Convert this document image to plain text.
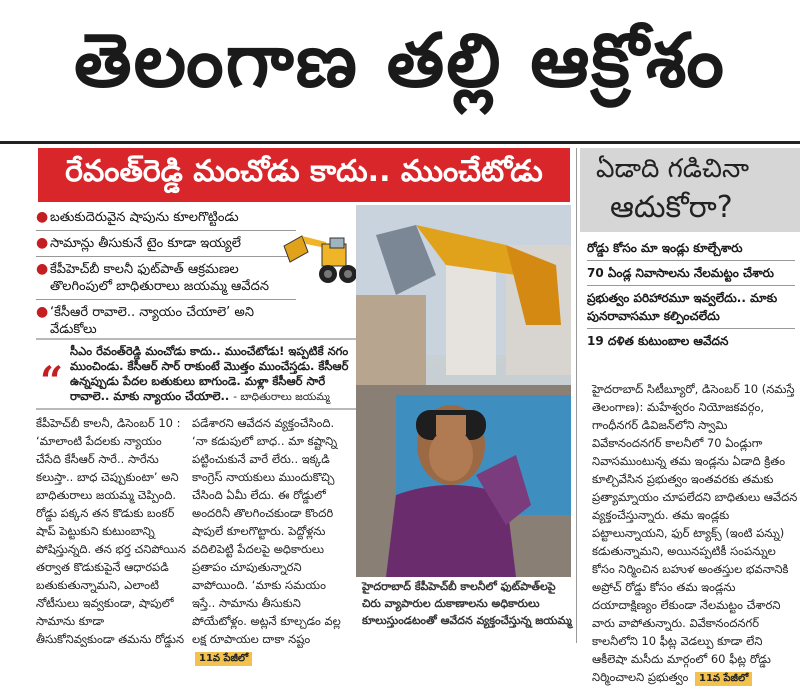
తెలంగాణ తల్లి ఆక్రోశం
రేవంత్‌రెడ్డి మంచోడు కాదు.. ముంచేటోడు
● బతుకుదెరువైన షాపును కూలగొట్టిండు
● సామాన్లు తీసుకునే టైం కూడా ఇయ్యలే
● కేపీహెచ్‌బీ కాలనీ ఫుట్‌పాత్ ఆక్రమణల తొలగింపులో బాధితురాలు జయమ్మ ఆవేదన
● ‘కేసీఆరే రావాలె.. న్యాయం చేయాలె’ అని వేడుకోలు
“
సీఎం రేవంత్‌రెడ్డి మంచోడు కాదు.. ముంచేటోడు! ఇప్పటికే నగం ముంచిండు. కేసీఆర్ సార్ రాకుంటే మొత్తం ముంచేస్తడు. కేసీఆర్ ఉన్నప్పుడు పేదల బతుకులు బాగుండె. మళ్లా కేసీఆర్ సారే రావాలె.. మాకు న్యాయం చేయాలె.. - బాధితురాలు జయమ్మ
కేపీహెచ్‌బీ కాలనీ, డిసెంబర్ 10 : ‘మాలాంటి పేదలకు న్యాయం చేసేది కేసీఆర్ సారే.. సారేను కలుస్తా.. బాధ చెప్పుకుంటా’ అని బాధితురాలు జయమ్మ చెప్పింది. రోడ్డు పక్కన తన కొడుకు బంకర్ షాప్ పెట్టుకుని కుటుంబాన్ని పోషిస్తున్నది. తన భర్త చనిపోయిన తర్వాత కొడుకుపైనే ఆధారపడి బతుకుతున్నామని, ఎలాంటి నోటీసులు ఇవ్వకుండా, షాపులో సామాను కూడా తీసుకోనివ్వకుండా తమను రోడ్డున
పడేశారని ఆవేదన వ్యక్తంచేసింది. ‘నా కడుపులో బాధ.. మా కష్టాన్ని పట్టించుకునే వారే లేరు.. ఇక్కడి కాంగ్రెస్ నాయకులు ముందుకొచ్చి చేసింది ఏమీ లేదు. ఈ రోడ్డులో అందరినీ తొలగించకుండా కొందరి షాపులే కూలగొట్టారు. పెద్దోళ్లను వదిలిపెట్టి పేదలపై అధికారులు ప్రతాపం చూపుతున్నారని వాపోయింది. ‘మాకు సమయం ఇస్తే.. సామాను తీసుకుని పోయేటోళ్లం. అట్లనే కూల్చడం వల్ల లక్ష రూపాయల దాకా నష్టం 11వ పేజీలో
హైదరాబాద్ కేపీహెచ్‌బీ కాలనీలో ఫుట్‌పాత్‌లపై చిరు వ్యాపారుల దుకాణాలను అధికారులు కూలుస్తుండటంతో ఆవేదన వ్యక్తంచేస్తున్న జయమ్మ
ఏడాది గడిచినా
ఆదుకోరా?
రోడ్డు కోసం మా ఇండ్లు కూల్చేశారు
70 ఏండ్ల నివాసాలను నేలమట్టం చేశారు
ప్రభుత్వం పరిహారమూ ఇవ్వలేదు.. మాకు పునరావాసమూ కల్పించలేదు
19 దళిత కుటుంబాల ఆవేదన
హైదరాబాద్ సిటీబ్యూరో, డిసెంబర్ 10 (నమస్తే తెలంగాణ): మహేశ్వరం నియోజకవర్గం, గాంధీనగర్ డివిజన్‌లోని స్వామి వివేకానందనగర్ కాలనీలో 70 ఏండ్లుగా నివాసముంటున్న తమ ఇండ్లను ఏడాది క్రితం కూల్చివేసిన ప్రభుత్వం ఇంతవరకు తమకు ప్రత్యామ్నాయం చూపలేదని బాధితులు ఆవేదన వ్యక్తంచేస్తున్నారు. తమ ఇండ్లకు పట్టాలున్నాయని, ఫుర్ ట్యాక్స్ (ఇంటి పన్ను) కడుతున్నామని, అయినప్పటికీ సంపన్నుల కోసం నిర్మించిన బహుళ అంతస్తుల భవనానికి అప్రోచ్ రోడ్డు కోసం తమ ఇండ్లను దయాదాక్షిణ్యం లేకుండా నేలమట్టం చేశారని వారు వాపోతున్నారు. వివేకానందనగర్ కాలనీలోని 10 ఫీట్ల వెడల్పు కూడా లేని ఆకీలెషా మసీదు మార్గంలో 60 ఫీట్ల రోడ్డు నిర్మించాలని ప్రభుత్వం 11వ పేజీలో
